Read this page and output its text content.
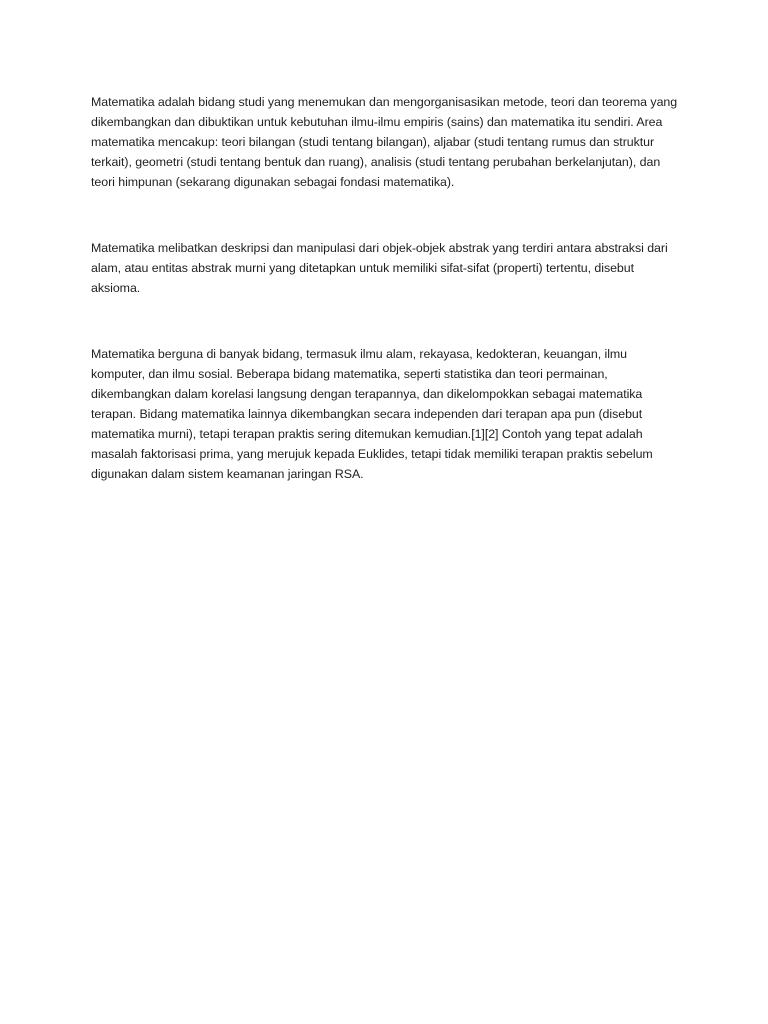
Matematika adalah bidang studi yang menemukan dan mengorganisasikan metode, teori dan teorema yang dikembangkan dan dibuktikan untuk kebutuhan ilmu-ilmu empiris (sains) dan matematika itu sendiri. Area matematika mencakup: teori bilangan (studi tentang bilangan), aljabar (studi tentang rumus dan struktur terkait), geometri (studi tentang bentuk dan ruang), analisis (studi tentang perubahan berkelanjutan), dan teori himpunan (sekarang digunakan sebagai fondasi matematika).

Matematika melibatkan deskripsi dan manipulasi dari objek-objek abstrak yang terdiri antara abstraksi dari alam, atau entitas abstrak murni yang ditetapkan untuk memiliki sifat-sifat (properti) tertentu, disebut aksioma.

Matematika berguna di banyak bidang, termasuk ilmu alam, rekayasa, kedokteran, keuangan, ilmu komputer, dan ilmu sosial. Beberapa bidang matematika, seperti statistika dan teori permainan, dikembangkan dalam korelasi langsung dengan terapannya, dan dikelompokkan sebagai matematika terapan. Bidang matematika lainnya dikembangkan secara independen dari terapan apa pun (disebut matematika murni), tetapi terapan praktis sering ditemukan kemudian.[1][2] Contoh yang tepat adalah masalah faktorisasi prima, yang merujuk kepada Euklides, tetapi tidak memiliki terapan praktis sebelum digunakan dalam sistem keamanan jaringan RSA.
